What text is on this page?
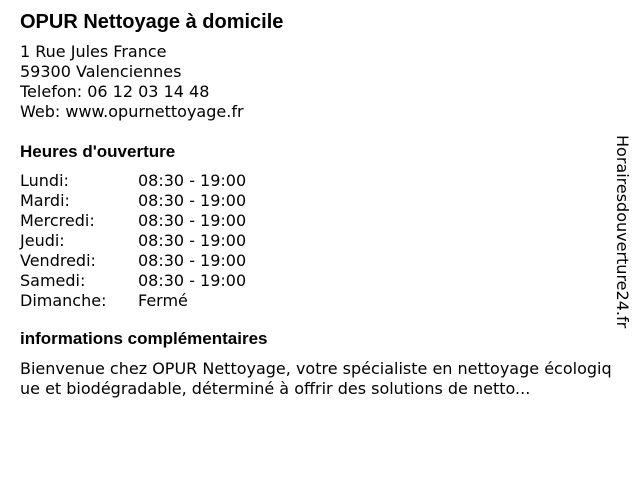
OPUR Nettoyage à domicile
1 Rue Jules France
59300 Valenciennes
Telefon: 06 12 03 14 48
Web: www.opurnettoyage.fr
Heures d'ouverture
Lundi:	08:30 - 19:00
Mardi:	08:30 - 19:00
Mercredi:	08:30 - 19:00
Jeudi:	08:30 - 19:00
Vendredi:	08:30 - 19:00
Samedi:	08:30 - 19:00
Dimanche:	Fermé
informations complémentaires
Bienvenue chez OPUR Nettoyage, votre spécialiste en nettoyage écologique et biodégradable, déterminé à offrir des solutions de netto...
Horairesdouverture24.fr
